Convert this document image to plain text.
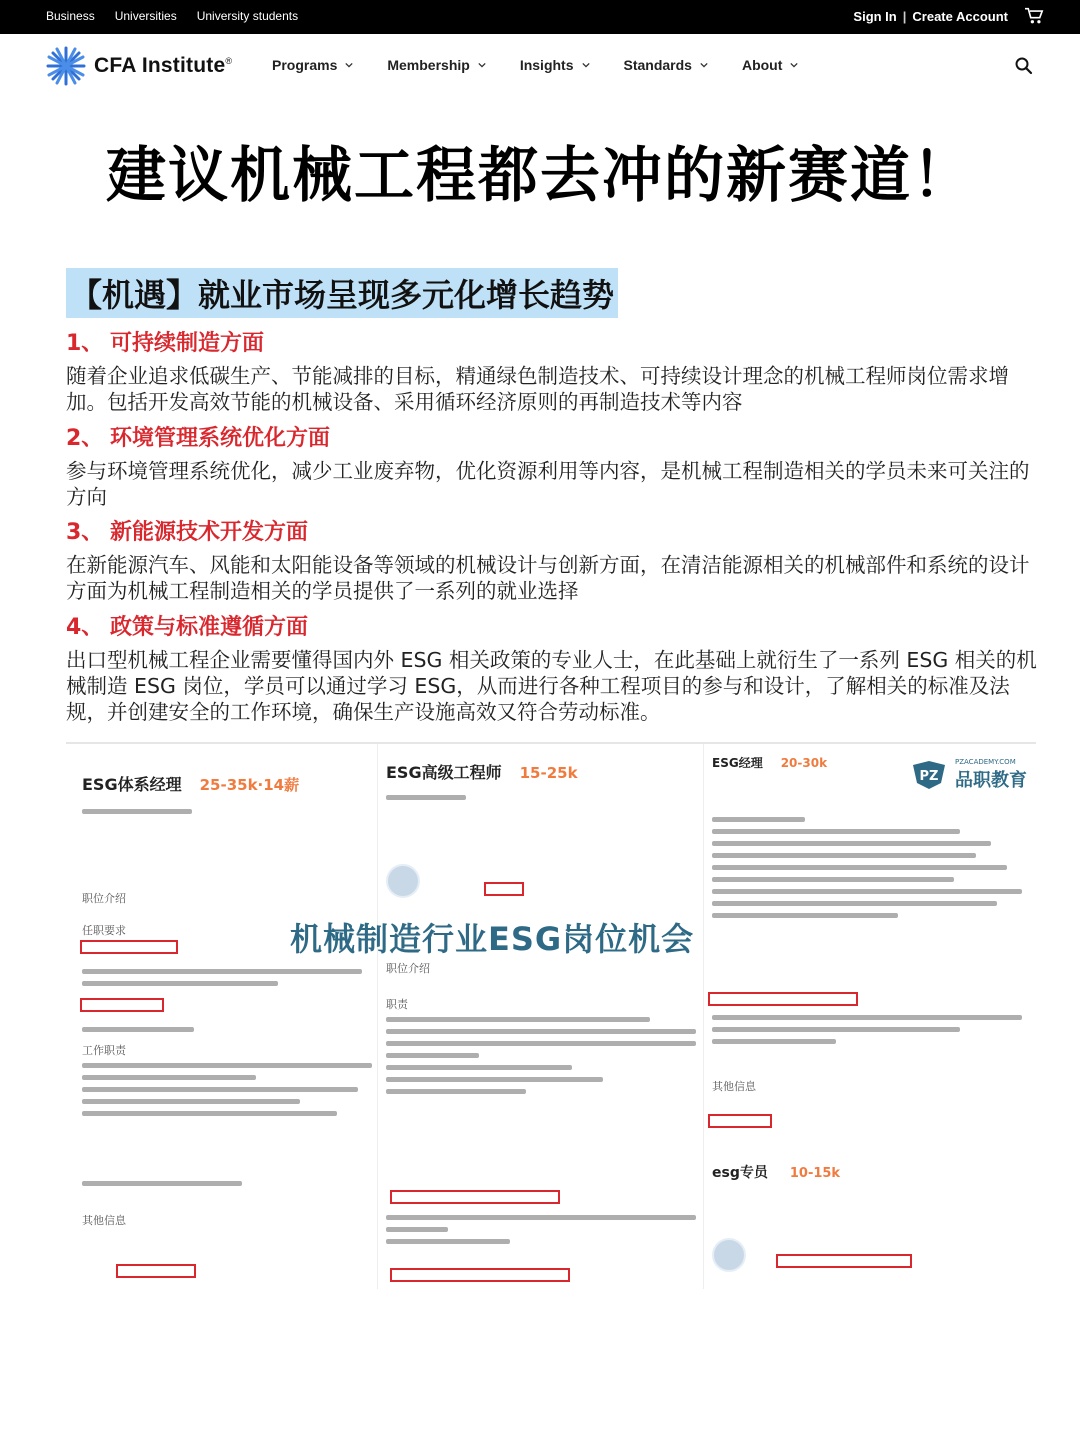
Business Universities University students	Sign In | Create Account
CFA Institute®	Programs	Membership	Insights	Standards	About
建议机械工程都去冲的新赛道！
【机遇】就业市场呈现多元化增长趋势
1、 可持续制造方面
随着企业追求低碳生产、节能减排的目标，精通绿色制造技术、可持续设计理念的机械工程师岗位需求增加。包括开发高效节能的机械设备、采用循环经济原则的再制造技术等内容
2、 环境管理系统优化方面
参与环境管理系统优化，减少工业废弃物，优化资源利用等内容，是机械工程制造相关的学员未来可关注的方向
3、 新能源技术开发方面
在新能源汽车、风能和太阳能设备等领域的机械设计与创新方面，在清洁能源相关的机械部件和系统的设计方面为机械工程制造相关的学员提供了一系列的就业选择
4、 政策与标准遵循方面
出口型机械工程企业需要懂得国内外 ESG 相关政策的专业人士，在此基础上就衍生了一系列 ESG 相关的机械制造 ESG 岗位，学员可以通过学习 ESG，从而进行各种工程项目的参与和设计，了解相关的标准及法规，并创建安全的工作环境，确保生产设施高效又符合劳动标准。
ESG体系经理 25-35k·14薪
职位介绍
任职要求
工作职责
其他信息
ESG高级工程师 15-25k
职位介绍
职责
ESG经理 20-30k
PZ
PZACADEMY.COM
品职教育
其他信息
esg专员 10-15k
机械制造行业ESG岗位机会
